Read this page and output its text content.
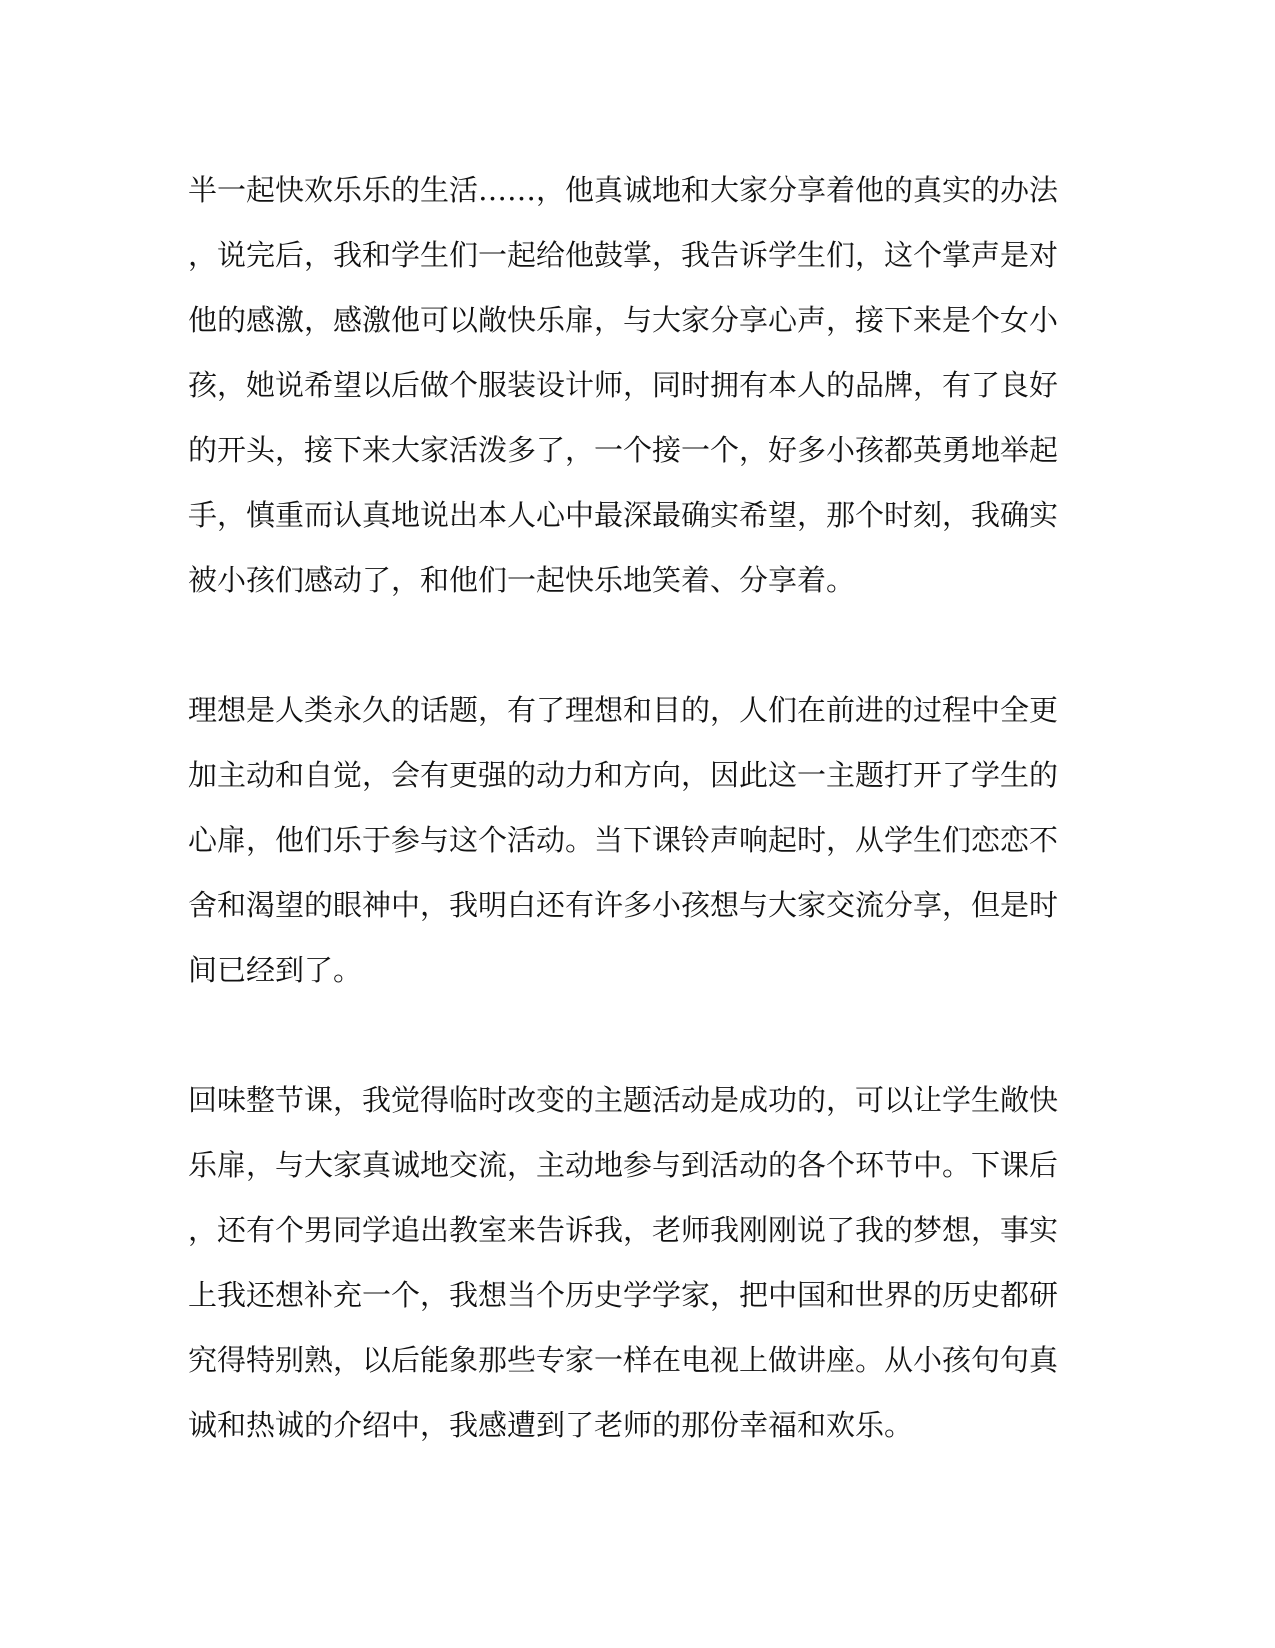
半一起快欢乐乐的生活……，他真诚地和大家分享着他的真实的办法
，说完后，我和学生们一起给他鼓掌，我告诉学生们，这个掌声是对
他的感激，感激他可以敞快乐扉，与大家分享心声，接下来是个女小
孩，她说希望以后做个服装设计师，同时拥有本人的品牌，有了良好
的开头，接下来大家活泼多了，一个接一个，好多小孩都英勇地举起
手，慎重而认真地说出本人心中最深最确实希望，那个时刻，我确实
被小孩们感动了，和他们一起快乐地笑着、分享着。
理想是人类永久的话题，有了理想和目的，人们在前进的过程中全更
加主动和自觉，会有更强的动力和方向，因此这一主题打开了学生的
心扉，他们乐于参与这个活动。当下课铃声响起时，从学生们恋恋不
舍和渴望的眼神中，我明白还有许多小孩想与大家交流分享，但是时
间已经到了。
回味整节课，我觉得临时改变的主题活动是成功的，可以让学生敞快
乐扉，与大家真诚地交流，主动地参与到活动的各个环节中。下课后
，还有个男同学追出教室来告诉我，老师我刚刚说了我的梦想，事实
上我还想补充一个，我想当个历史学学家，把中国和世界的历史都研
究得特别熟，以后能象那些专家一样在电视上做讲座。从小孩句句真
诚和热诚的介绍中，我感遭到了老师的那份幸福和欢乐。
